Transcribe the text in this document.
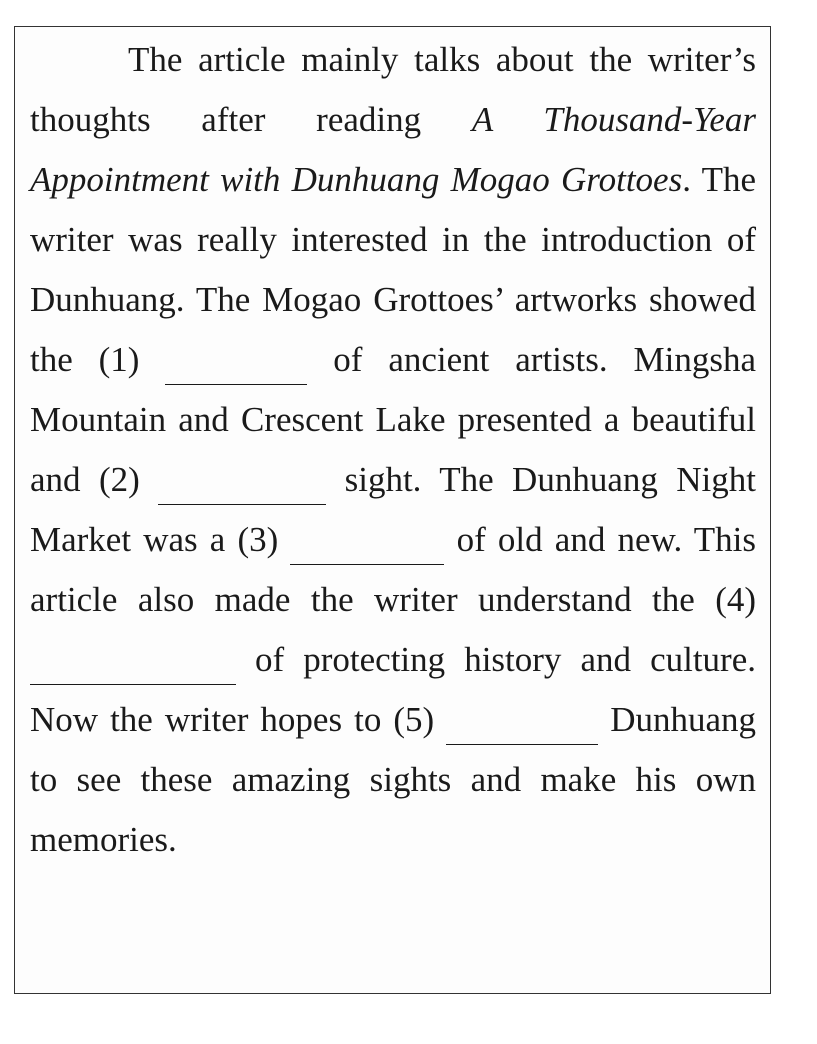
The article mainly talks about the writer’s thoughts after reading A Thousand-Year Appointment with Dunhuang Mogao Grottoes. The writer was really interested in the introduction of Dunhuang. The Mogao Grottoes’ artworks showed the (1)	of ancient artists. Mingsha Mountain and Crescent Lake presented a beautiful and (2)	sight. The Dunhuang Night Market was a (3)	of old and new. This article also made the writer understand the (4)  of protecting history and culture. Now the writer hopes to (5)	Dunhuang to see these amazing sights and make his own memories.
